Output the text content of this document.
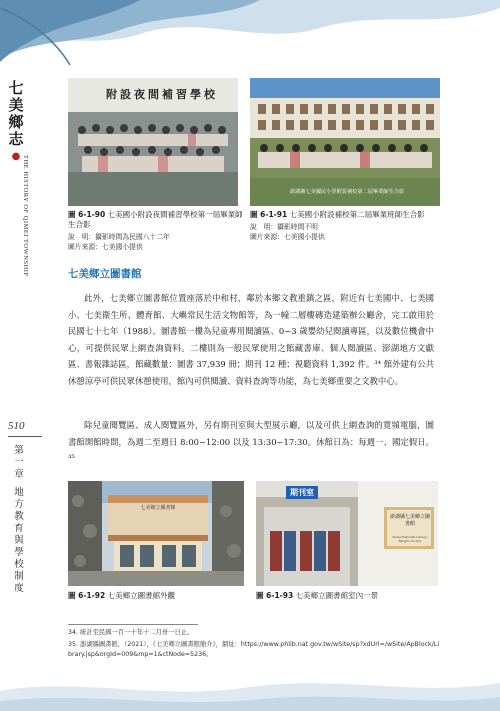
七
美
鄉
志
● THE HISTORY OF QIMEI TOWNSHIP
510
第
一
章
地
方
教
育
與
學
校
制
度
附設夜間補習學校
圖 6-1-90 七美國小附設夜間補習學校第一屆畢業師生合影
說　明：攝影時間為民國八十二年
圖片來源：七美國小提供
澎湖縣七美國民小學附設補校第二屆畢業師生合影
圖 6-1-91 七美國小附設補校第二屆畢業班師生合影
說　明：攝影時間不明
圖片來源：七美國小提供
七美鄉立圖書館
此外，七美鄉立圖書館位置座落於中和村，鄰於本鄉文教重鎮之區，附近有七美國中、七美國小、七美衛生所、體育館、大嶼常民生活文物館等，為一幢二層樓磚造建築辦公廳舍，完工啟用於民國七十七年（1988）。圖書館一樓為兒童專用閱讀區、0~3 歲嬰幼兒閱讀專區，以及數位機會中心，可提供民眾上網查詢資料。二樓則為一般民眾使用之館藏書庫、個人閱讀區、澎湖地方文獻區、書報雜誌區，館藏數量：圖書 37,939 冊；期刊 12 種；視聽資料 1,392 件。³⁴ 館外建有公共休憩涼亭可供民眾休憩使用，館內可供閱讀、資料查詢等功能，為七美鄉重要之文教中心。
除兒童閱覽區、成人閱覽區外，另有期刊室與大型展示廳，以及可供上網查詢的寬頻電腦，圖書館開館時間，為週二至週日 8:00~12:00 以及 13:30~17:30。休館日為：每週一、國定假日。³⁵
七美鄉立圖書館
圖 6-1-92 七美鄉立圖書館外觀
期刊室
澎湖縣七美鄉立圖書館
Cimei Township Library, Penghu County
圖 6-1-93 七美鄉立圖書館室內一景
34. 統計至民國一百一十年十二月卅一日止。
35. 澎湖縣圖書館，（2021），《七美鄉立圖書館簡介》，網址：https://www.phlib.nat.gov.tw/wSite/sp?xdUrl=/wSite/ApBlock/Library.jsp&orgId=009&mp=1&ctNode=5236。
